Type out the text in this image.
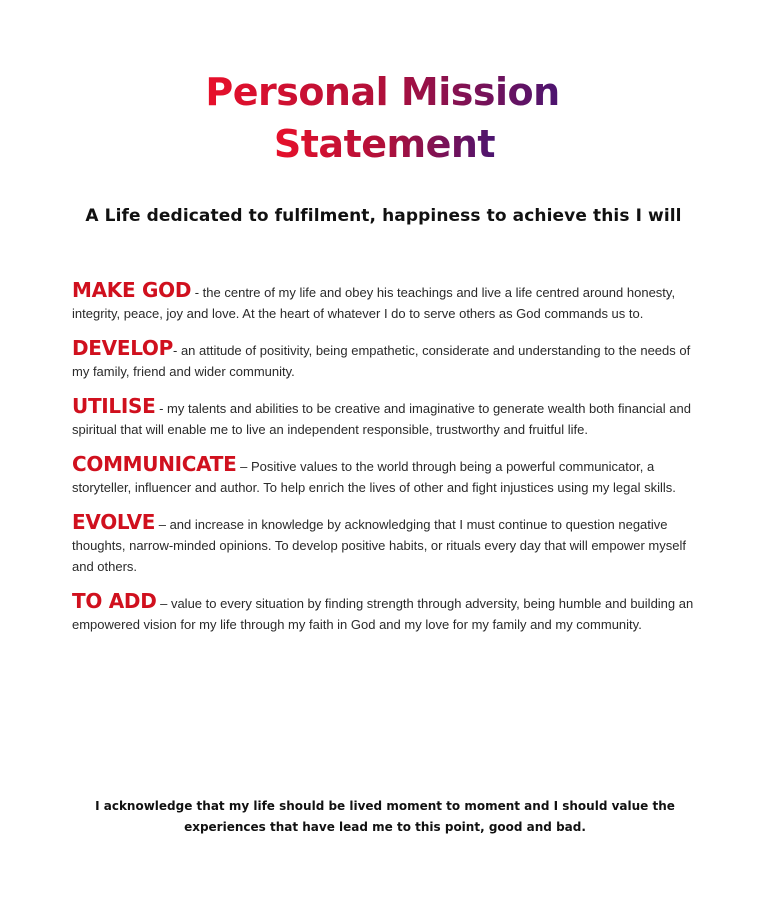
Personal Mission
Statement
A Life dedicated to fulfilment, happiness to achieve this I will

MAKE GOD - the centre of my life and obey his teachings and live a life centred around honesty, integrity, peace, joy and love. At the heart of whatever I do to serve others as God commands us to.

DEVELOP- an attitude of positivity, being empathetic, considerate and understanding to the needs of my family, friend and wider community.

UTILISE - my talents and abilities to be creative and imaginative to generate wealth both financial and spiritual that will enable me to live an independent responsible, trustworthy and fruitful life.

COMMUNICATE – Positive values to the world through being a powerful communicator, a storyteller, influencer and author. To help enrich the lives of other and fight injustices using my legal skills.

EVOLVE – and increase in knowledge by acknowledging that I must continue to question negative thoughts, narrow-minded opinions. To develop positive habits, or rituals every day that will empower myself and others.

TO ADD – value to every situation by finding strength through adversity, being humble and building an empowered vision for my life through my faith in God and my love for my family and my community.

I acknowledge that my life should be lived moment to moment and I should value the experiences that have lead me to this point, good and bad.
